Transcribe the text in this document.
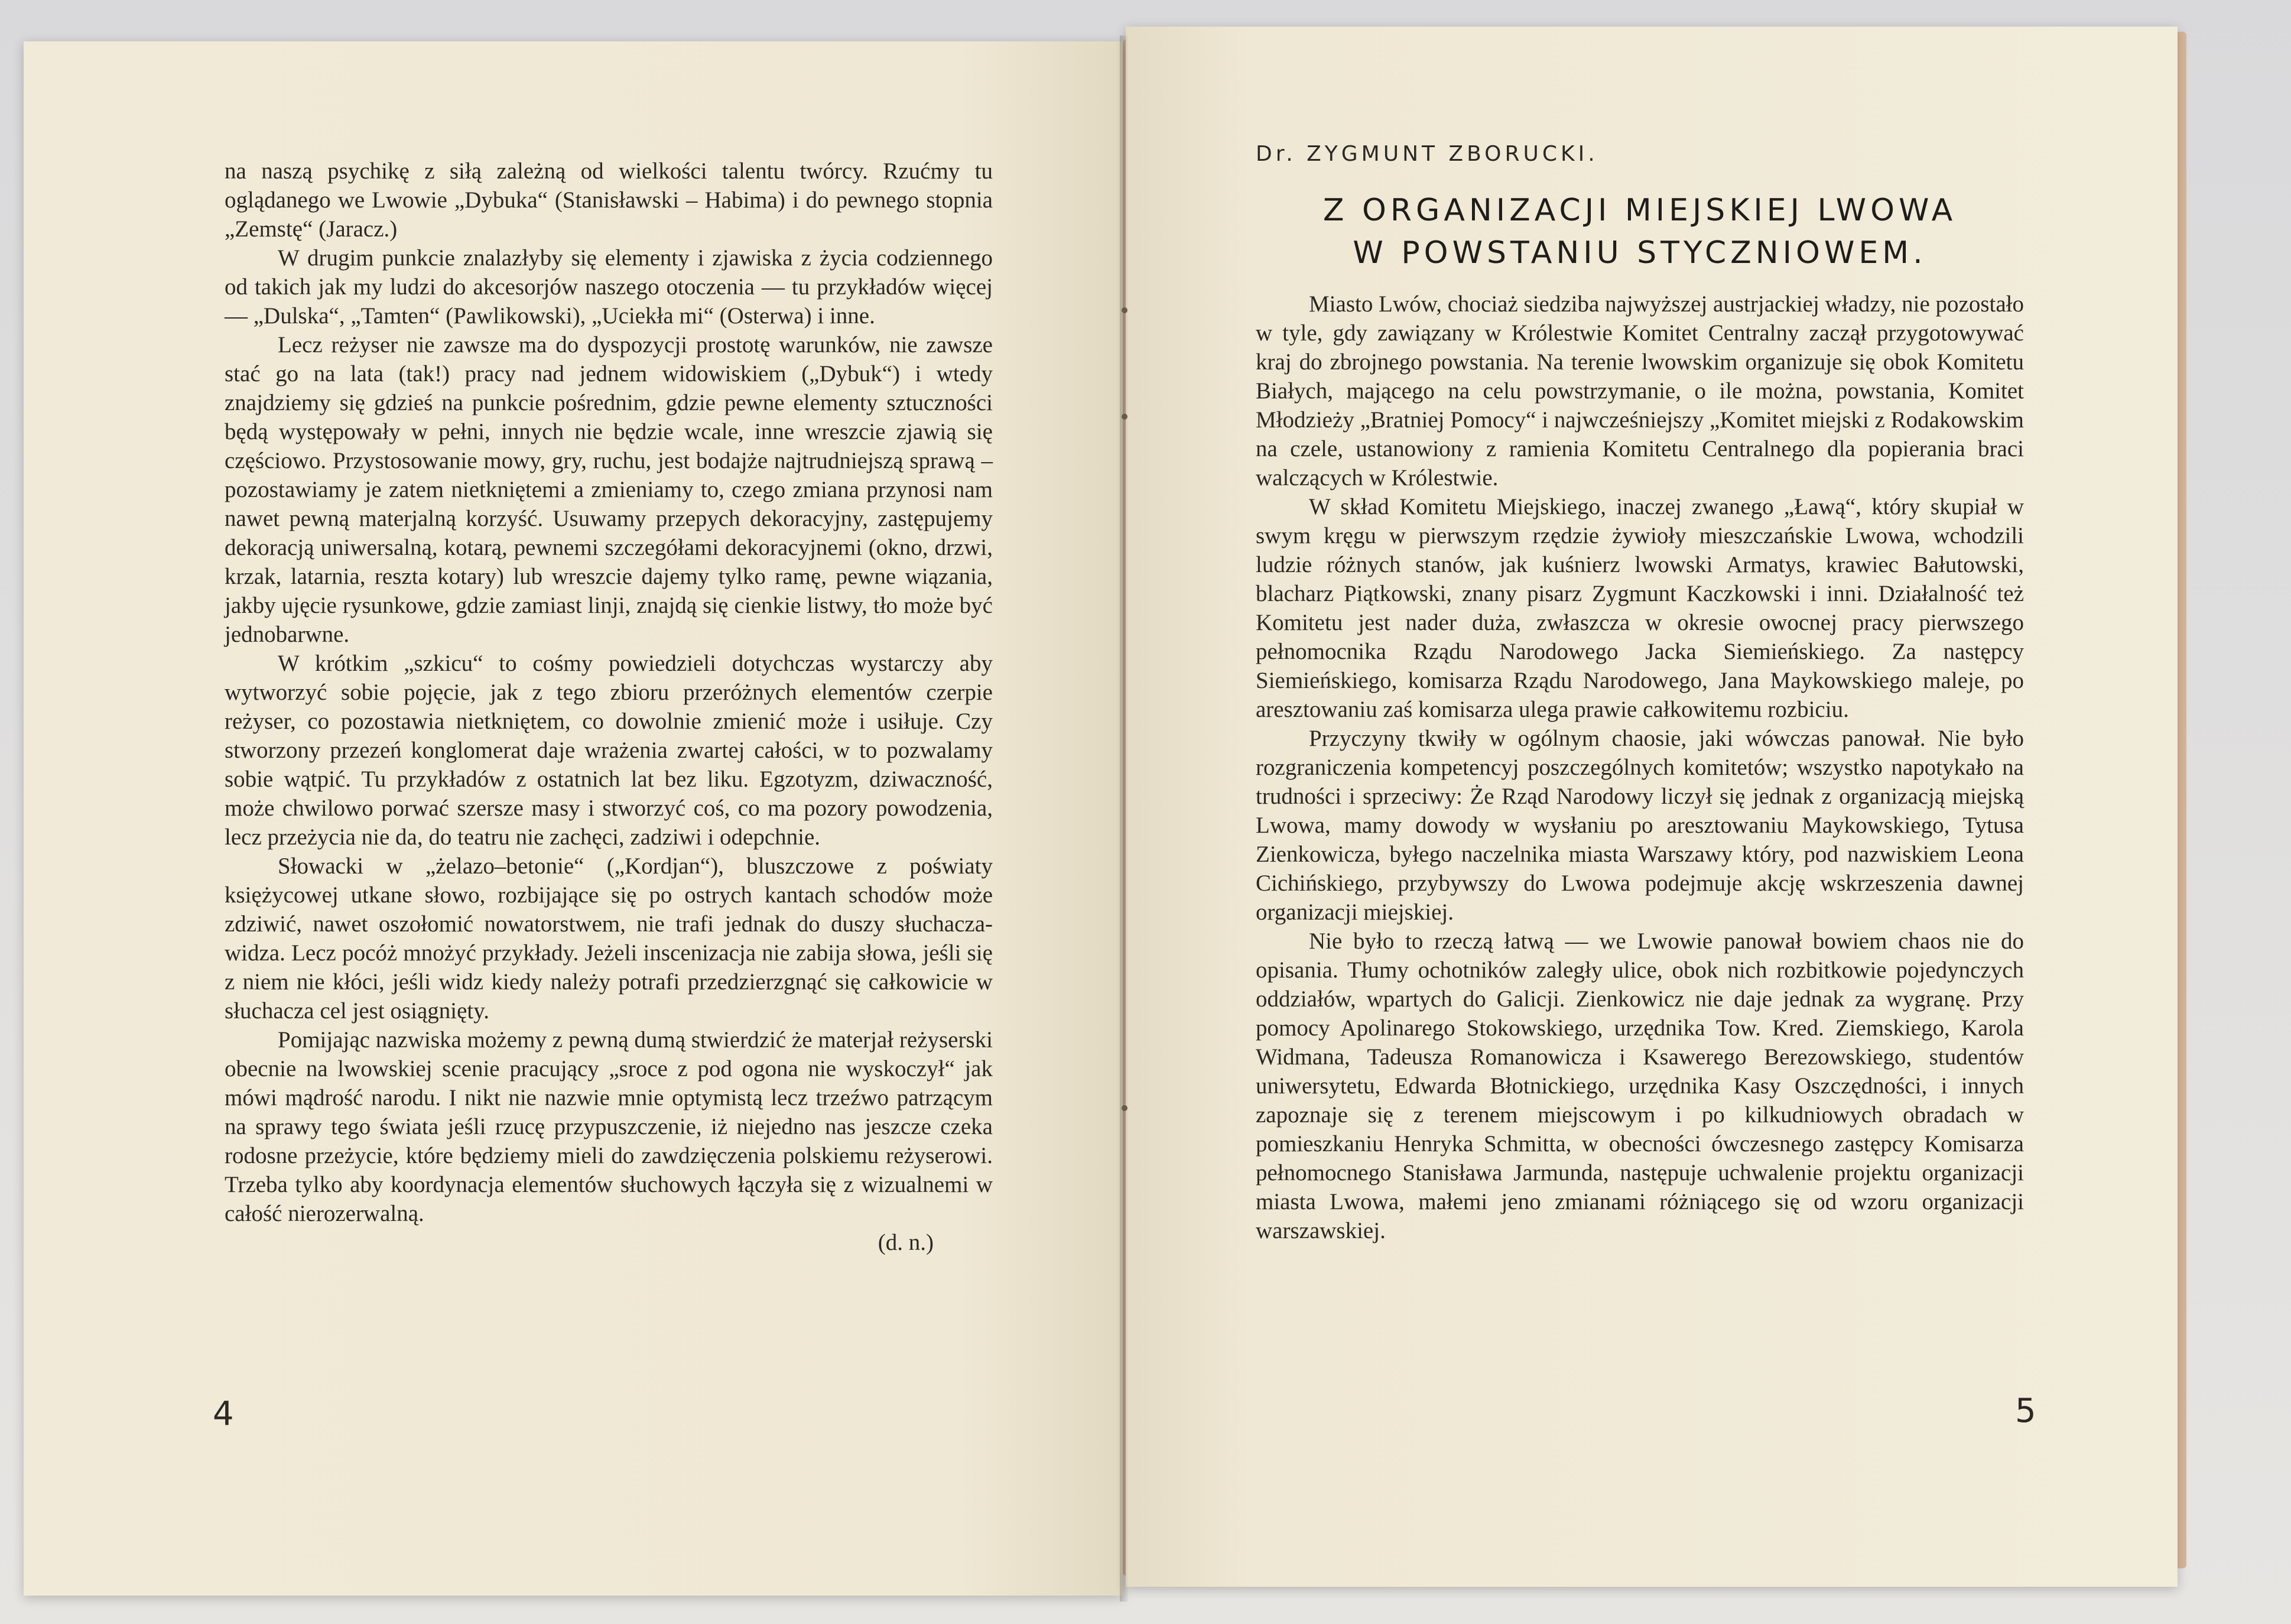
na naszą psychikę z siłą zależną od wielkości talentu twórcy. Rzućmy tu oglądanego we Lwowie „Dybuka“ (Stanisławski – Habima) i do pewnego stopnia „Zemstę“ (Jaracz.)

W drugim punkcie znalazłyby się elementy i zjawiska z życia codziennego od takich jak my ludzi do akcesorjów naszego otoczenia — tu przykładów więcej — „Dulska“, „Tamten“ (Pawlikowski), „Uciekła mi“ (Osterwa) i inne.

Lecz reżyser nie zawsze ma do dyspozycji prostotę warunków, nie zawsze stać go na lata (tak!) pracy nad jednem widowiskiem („Dybuk“) i wtedy znajdziemy się gdzieś na punkcie pośrednim, gdzie pewne elementy sztuczności będą występowały w pełni, innych nie będzie wcale, inne wreszcie zjawią się częściowo. Przystosowanie mowy, gry, ruchu, jest bodajże najtrudniejszą sprawą – pozostawiamy je zatem nietkniętemi a zmieniamy to, czego zmiana przynosi nam nawet pewną materjalną korzyść. Usuwamy przepych dekoracyjny, zastępujemy dekoracją uniwersalną, kotarą, pewnemi szczegółami dekoracyjnemi (okno, drzwi, krzak, latarnia, reszta kotary) lub wreszcie dajemy tylko ramę, pewne wiązania, jakby ujęcie rysunkowe, gdzie zamiast linji, znajdą się cienkie listwy, tło może być jednobarwne.

W krótkim „szkicu“ to cośmy powiedzieli dotychczas wystarczy aby wytworzyć sobie pojęcie, jak z tego zbioru przeróżnych elementów czerpie reżyser, co pozostawia nietkniętem, co dowolnie zmienić może i usiłuje. Czy stworzony przezeń konglomerat daje wrażenia zwartej całości, w to pozwalamy sobie wątpić. Tu przykładów z ostatnich lat bez liku. Egzotyzm, dziwaczność, może chwilowo porwać szersze masy i stworzyć coś, co ma pozory powodzenia, lecz przeżycia nie da, do teatru nie zachęci, zadziwi i odepchnie.

Słowacki w „żelazo–betonie“ („Kordjan“), bluszczowe z poświaty księżycowej utkane słowo, rozbijające się po ostrych kantach schodów może zdziwić, nawet oszołomić nowatorstwem, nie trafi jednak do duszy słuchacza-widza. Lecz pocóż mnożyć przykłady. Jeżeli inscenizacja nie zabija słowa, jeśli się z niem nie kłóci, jeśli widz kiedy należy potrafi przedzierzgnąć się całkowicie w słuchacza cel jest osiągnięty.

Pomijając nazwiska możemy z pewną dumą stwierdzić że materjał reżyserski obecnie na lwowskiej scenie pracujący „sroce z pod ogona nie wyskoczył“ jak mówi mądrość narodu. I nikt nie nazwie mnie optymistą lecz trzeźwo patrzącym na sprawy tego świata jeśli rzucę przypuszczenie, iż niejedno nas jeszcze czeka rodosne przeżycie, które będziemy mieli do zawdzięczenia polskiemu reżyserowi. Trzeba tylko aby koordynacja elementów słuchowych łączyła się z wizualnemi w całość nierozerwalną.

(d. n.)
4
Dr. ZYGMUNT ZBORUCKI.
Z ORGANIZACJI MIEJSKIEJ LWOWA
W POWSTANIU STYCZNIOWEM.

Miasto Lwów, chociaż siedziba najwyższej austrjackiej władzy, nie pozostało w tyle, gdy zawiązany w Królestwie Komitet Centralny zaczął przygotowywać kraj do zbrojnego powstania. Na terenie lwowskim organizuje się obok Komitetu Białych, mającego na celu powstrzymanie, o ile można, powstania, Komitet Młodzieży „Bratniej Pomocy“ i najwcześniejszy „Komitet miejski z Rodakowskim na czele, ustanowiony z ramienia Komitetu Centralnego dla popierania braci walczących w Królestwie.

W skład Komitetu Miejskiego, inaczej zwanego „Ławą“, który skupiał w swym kręgu w pierwszym rzędzie żywioły mieszczańskie Lwowa, wchodzili ludzie różnych stanów, jak kuśnierz lwowski Armatys, krawiec Bałutowski, blacharz Piątkowski, znany pisarz Zygmunt Kaczkowski i inni. Działalność też Komitetu jest nader duża, zwłaszcza w okresie owocnej pracy pierwszego pełnomocnika Rządu Narodowego Jacka Siemieńskiego. Za następcy Siemieńskiego, komisarza Rządu Narodowego, Jana Maykowskiego maleje, po aresztowaniu zaś komisarza ulega prawie całkowitemu rozbiciu.

Przyczyny tkwiły w ogólnym chaosie, jaki wówczas panował. Nie było rozgraniczenia kompetencyj poszczególnych komitetów; wszystko napotykało na trudności i sprzeciwy: Że Rząd Narodowy liczył się jednak z organizacją miejską Lwowa, mamy dowody w wysłaniu po aresztowaniu Maykowskiego, Tytusa Zienkowicza, byłego naczelnika miasta Warszawy który, pod nazwiskiem Leona Cichińskiego, przybywszy do Lwowa podejmuje akcję wskrzeszenia dawnej organizacji miejskiej.

Nie było to rzeczą łatwą — we Lwowie panował bowiem chaos nie do opisania. Tłumy ochotników zaległy ulice, obok nich rozbitkowie pojedynczych oddziałów, wpartych do Galicji. Zienkowicz nie daje jednak za wygranę. Przy pomocy Apolinarego Stokowskiego, urzędnika Tow. Kred. Ziemskiego, Karola Widmana, Tadeusza Romanowicza i Ksawerego Berezowskiego, studentów uniwersytetu, Edwarda Błotnickiego, urzędnika Kasy Oszczędności, i innych zapoznaje się z terenem miejscowym i po kilkudniowych obradach w pomieszkaniu Henryka Schmitta, w obecności ówczesnego zastępcy Komisarza pełnomocnego Stanisława Jarmunda, następuje uchwalenie projektu organizacji miasta Lwowa, małemi jeno zmianami różniącego się od wzoru organizacji warszawskiej.

5
